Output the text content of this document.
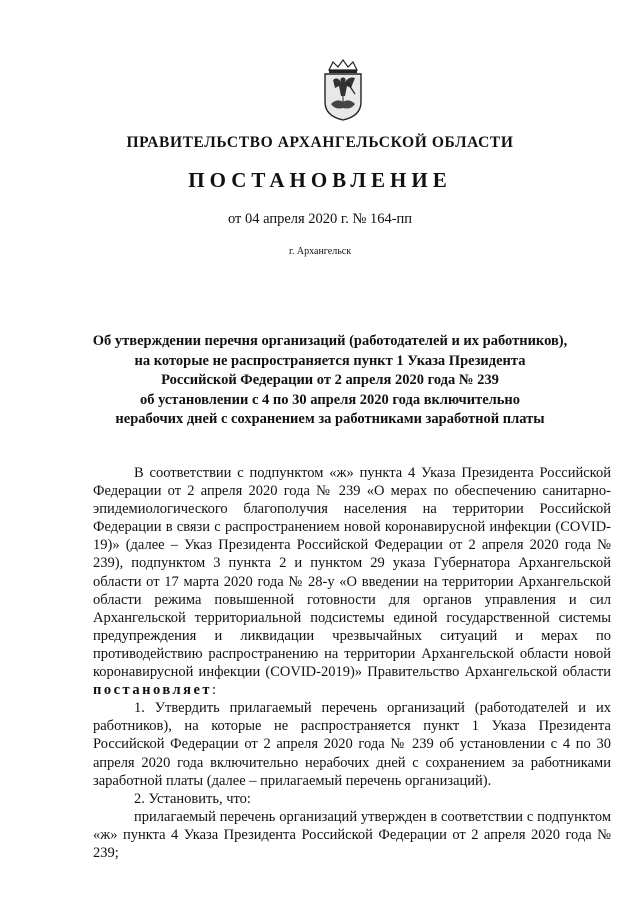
ПРАВИТЕЛЬСТВО АРХАНГЕЛЬСКОЙ ОБЛАСТИ
ПОСТАНОВЛЕНИЕ
от 04 апреля 2020 г. № 164-пп
г. Архангельск
Об утверждении перечня организаций (работодателей и их работников),
на которые не распространяется пункт 1 Указа Президента
Российской Федерации от 2 апреля 2020 года № 239
об установлении с 4 по 30 апреля 2020 года включительно
нерабочих дней с сохранением за работниками заработной платы

В соответствии с подпунктом «ж» пункта 4 Указа Президента Российской Федерации от 2 апреля 2020 года № 239 «О мерах по обеспечению санитарно-эпидемиологического благополучия населения на территории Российской Федерации в связи с распространением новой коронавирусной инфекции (COVID-19)» (далее – Указ Президента Российской Федерации от 2 апреля 2020 года № 239), подпунктом 3 пункта 2 и пунктом 29 указа Губернатора Архангельской области от 17 марта 2020 года № 28-у «О введении на территории Архангельской области режима повышенной готовности для органов управления и сил Архангельской территориальной подсистемы единой государственной системы предупреждения и ликвидации чрезвычайных ситуаций и мерах по противодействию распространению на территории Архангельской области новой коронавирусной инфекции (COVID-2019)» Правительство Архангельской области постановляет:

1. Утвердить прилагаемый перечень организаций (работодателей и их работников), на которые не распространяется пункт 1 Указа Президента Российской Федерации от 2 апреля 2020 года № 239 об установлении с 4 по 30 апреля 2020 года включительно нерабочих дней с сохранением за работниками заработной платы (далее – прилагаемый перечень организаций).

2. Установить, что:

прилагаемый перечень организаций утвержден в соответствии с подпунктом «ж» пункта 4 Указа Президента Российской Федерации от 2 апреля 2020 года № 239;
